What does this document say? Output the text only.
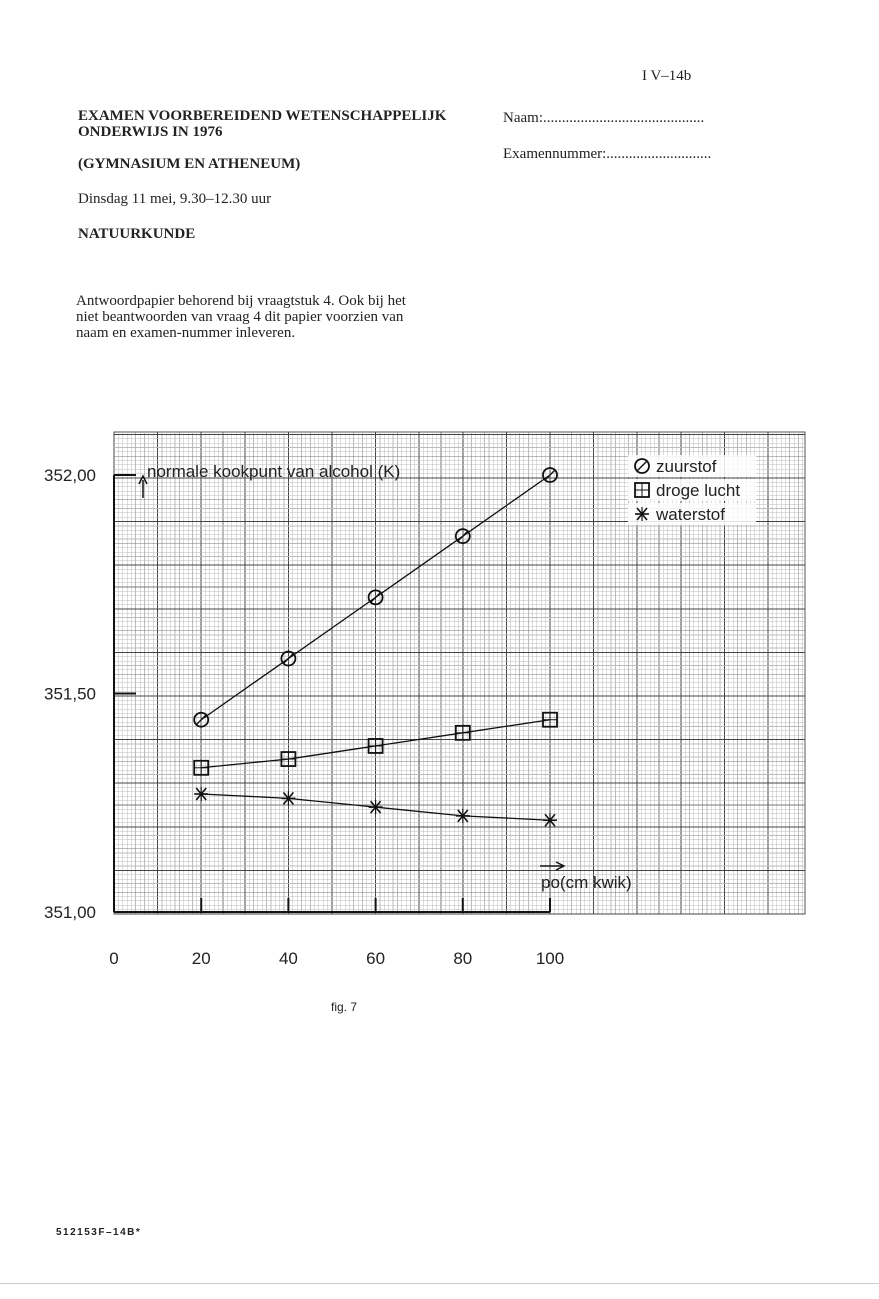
I V–14b
EXAMEN VOORBEREIDEND WETENSCHAPPELIJK ONDERWIJS IN 1976
Naam:...........................................
Examennummer:............................
(GYMNASIUM EN ATHENEUM)
Dinsdag 11 mei, 9.30–12.30 uur
NATUURKUNDE
Antwoordpapier behorend bij vraagtstuk 4. Ook bij het niet beantwoorden van vraag 4 dit papier voorzien van naam en examen-nummer inleveren.
0	20	40	60	80	100
351,00
351,50
352,00	normale kookpunt van alcohol (K)
po(cm kwik)
zuurstof
droge lucht
waterstof
fig. 7
512153F–14B*
